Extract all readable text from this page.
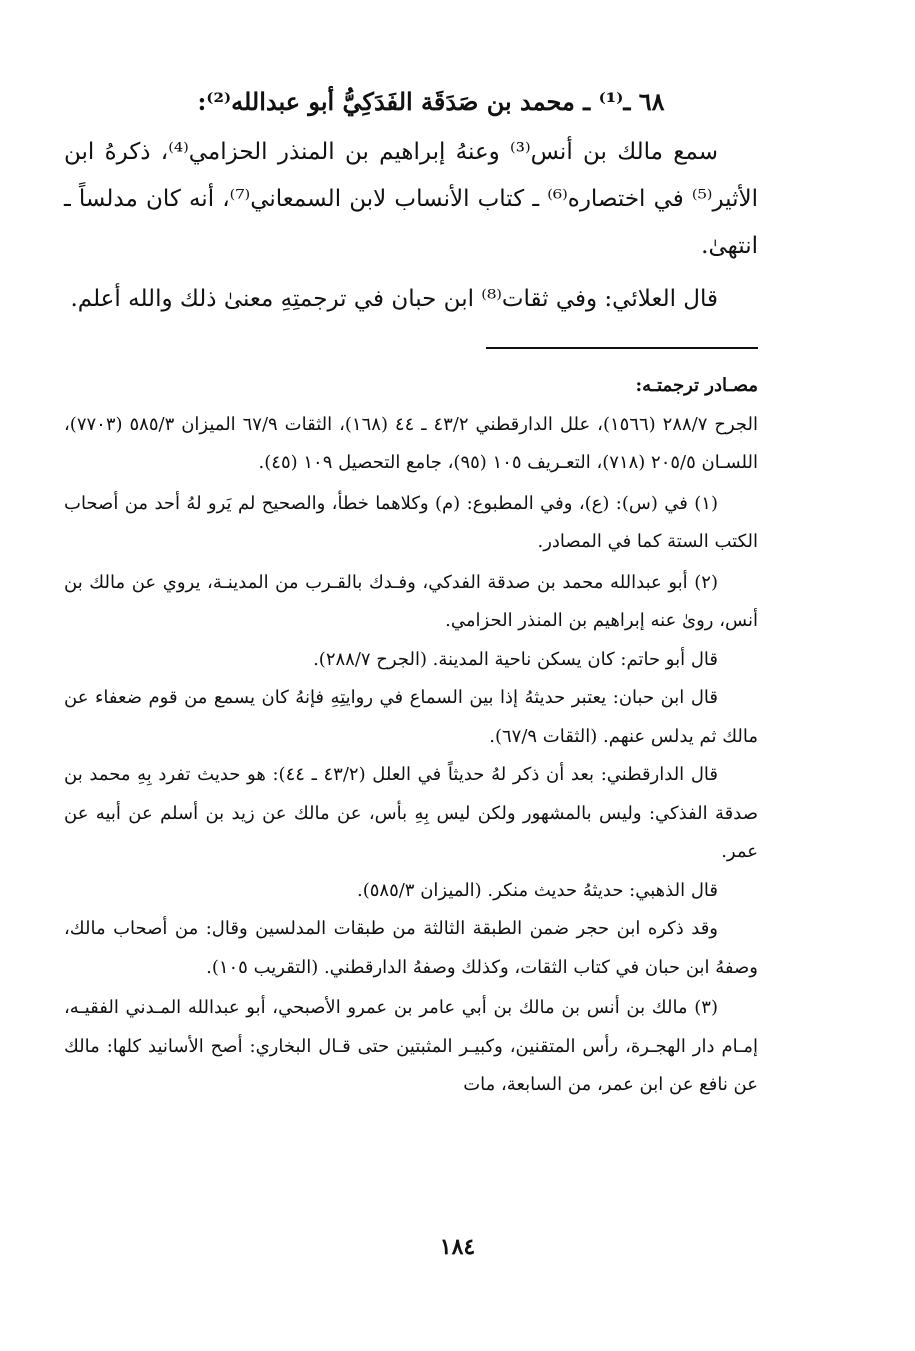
٦٨ ـ⁽¹⁾ ـ محمد بن صَدَقَة الفَدَكِيُّ أبو عبدالله⁽²⁾:

سمع مالك بن أنس⁽³⁾ وعنهُ إبراهيم بن المنذر الحزامي⁽⁴⁾، ذكرهُ ابن الأثير⁽⁵⁾ في اختصاره⁽⁶⁾ ـ كتاب الأنساب لابن السمعاني⁽⁷⁾، أنه كان مدلساً ـ انتهىٰ.

قال العلائي: وفي ثقات⁽⁸⁾ ابن حبان في ترجمتِهِ معنىٰ ذلك والله أعلم.

مصـادر ترجمتـه:

الجرح ٢٨٨/٧ (١٥٦٦)، علل الدارقطني ٤٣/٢ ـ ٤٤ (١٦٨)، الثقات ٦٧/٩ الميزان ٥٨٥/٣ (٧٧٠٣)، اللسـان ٢٠٥/٥ (٧١٨)، التعـريف ١٠٥ (٩٥)، جامع التحصيل ١٠٩ (٤٥).

(١) في (س): (ع)، وفي المطبوع: (م) وكلاهما خطأ، والصحيح لم يَرو لهُ أحد من أصحاب الكتب الستة كما في المصادر.

(٢) أبو عبدالله محمد بن صدقة الفدكي، وفـدك بالقـرب من المدينـة، يروي عن مالك بن أنس، روىٰ عنه إبراهيم بن المنذر الحزامي.

قال أبو حاتم: كان يسكن ناحية المدينة. (الجرح ٢٨٨/٧).

قال ابن حبان: يعتبر حديثهُ إذا بين السماع في روايتِهِ فإنهُ كان يسمع من قوم ضعفاء عن مالك ثم يدلس عنهم. (الثقات ٦٧/٩).

قال الدارقطني: بعد أن ذكر لهُ حديثاً في العلل (٤٣/٢ ـ ٤٤): هو حديث تفرد بِهِ محمد بن صدقة الفذكي: وليس بالمشهور ولكن ليس بِهِ بأس، عن مالك عن زيد بن أسلم عن أبيه عن عمر.

قال الذهبي: حديثهُ حديث منكر. (الميزان ٥٨٥/٣).

وقد ذكره ابن حجر ضمن الطبقة الثالثة من طبقات المدلسين وقال: من أصحاب مالك، وصفهُ ابن حبان في كتاب الثقات، وكذلك وصفهُ الدارقطني. (التقريب ١٠٥).

(٣) مالك بن أنس بن مالك بن أبي عامر بن عمرو الأصبحي، أبو عبدالله المـدني الفقيـه، إمـام دار الهجـرة، رأس المتقنين، وكبيـر المثبتين حتى قـال البخاري: أصح الأسانيد كلها: مالك عن نافع عن ابن عمر، من السابعة، مات

١٨٤
